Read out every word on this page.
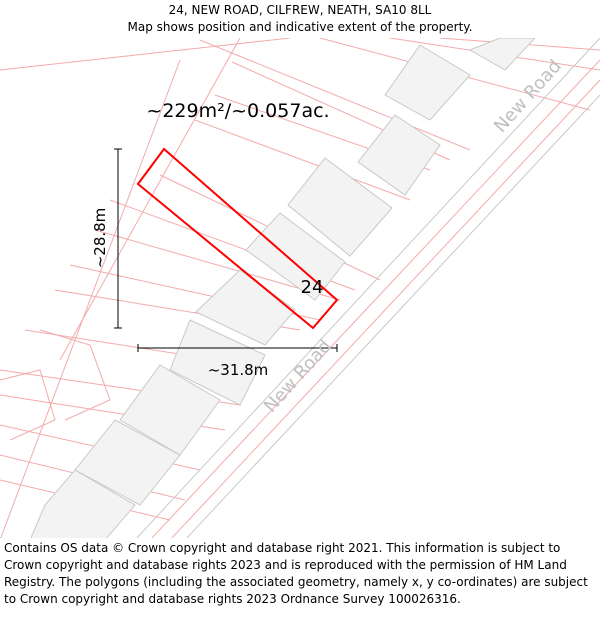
24, NEW ROAD, CILFREW, NEATH, SA10 8LL
Map shows position and indicative extent of the property.
~229m²/~0.057ac.
~28.8m
~31.8m
24
New Road
New Road
Contains OS data © Crown copyright and database right 2021. This information is subject to Crown copyright and database rights 2023 and is reproduced with the permission of HM Land Registry. The polygons (including the associated geometry, namely x, y co-ordinates) are subject to Crown copyright and database rights 2023 Ordnance Survey 100026316.
